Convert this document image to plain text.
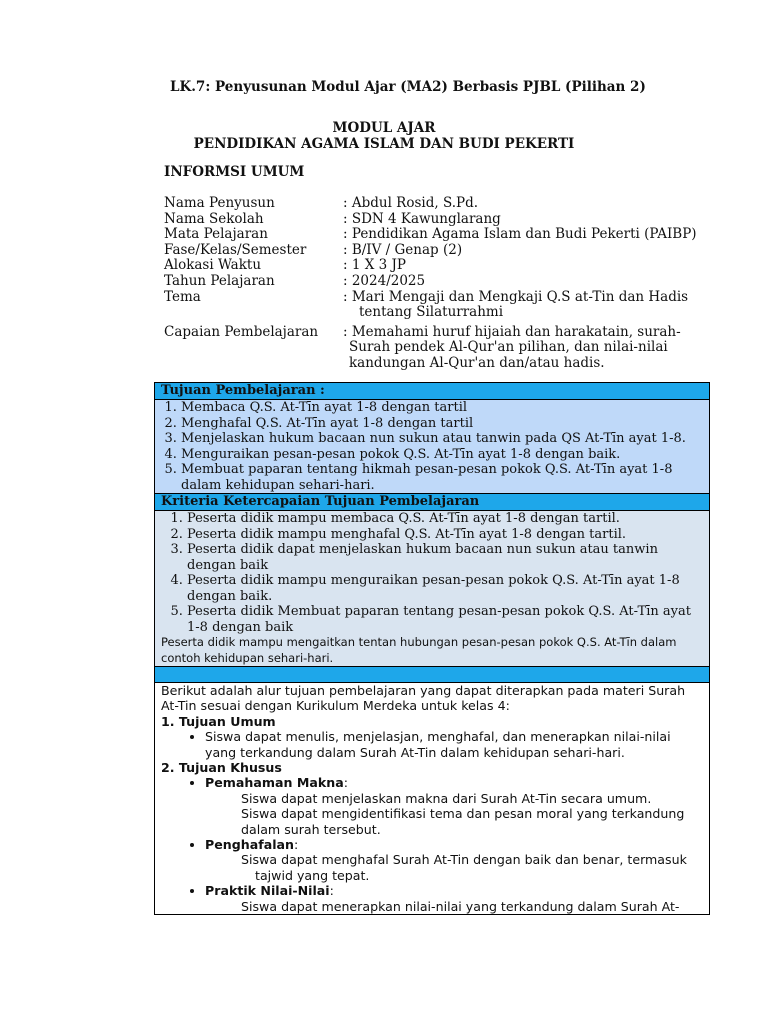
LK.7: Penyusunan Modul Ajar (MA2) Berbasis PJBL (Pilihan 2)
MODUL AJAR
PENDIDIKAN AGAMA ISLAM DAN BUDI PEKERTI
INFORMSI UMUM
Nama Penyusun	: Abdul Rosid, S.Pd.
Nama Sekolah	: SDN 4 Kawunglarang
Mata Pelajaran	: Pendidikan Agama Islam dan Budi Pekerti (PAIBP)
Fase/Kelas/Semester	: B/IV / Genap (2)
Alokasi Waktu	: 1 X 3 JP
Tahun Pelajaran	: 2024/2025
Tema	: Mari Mengaji dan Mengkaji Q.S at-Tin dan Hadis
tentang Silaturrahmi
Capaian Pembelajaran	: Memahami huruf hijaiah dan harakatain, surah-
Surah pendek Al-Qur'an pilihan, dan nilai-nilai
kandungan Al-Qur'an dan/atau hadis.
Tujuan Pembelajaran :
1. Membaca Q.S. At-Tīn ayat 1-8 dengan tartil
2. Menghafal Q.S. At-Tīn ayat 1-8 dengan tartil
3. Menjelaskan hukum bacaan nun sukun atau tanwin pada QS At-Tīn ayat 1-8.
4. Menguraikan pesan-pesan pokok Q.S. At-Tīn ayat 1-8 dengan baik.
5. Membuat paparan tentang hikmah pesan-pesan pokok Q.S. At-Tīn ayat 1-8 dalam kehidupan sehari-hari.
Kriteria Ketercapaian Tujuan Pembelajaran
1. Peserta didik mampu membaca Q.S. At-Tīn ayat 1-8 dengan tartil.
2. Peserta didik mampu menghafal Q.S. At-Tīn ayat 1-8 dengan tartil.
3. Peserta didik dapat menjelaskan hukum bacaan nun sukun atau tanwin dengan baik
4. Peserta didik mampu menguraikan pesan-pesan pokok Q.S. At-Tīn ayat 1-8 dengan baik.
5. Peserta didik Membuat paparan tentang pesan-pesan pokok Q.S. At-Tīn ayat 1-8 dengan baik
Peserta didik mampu mengaitkan tentan hubungan pesan-pesan pokok Q.S. At-Tīn dalam contoh kehidupan sehari-hari.
Berikut adalah alur tujuan pembelajaran yang dapat diterapkan pada materi Surah At-Tin sesuai dengan Kurikulum Merdeka untuk kelas 4:
1. Tujuan Umum
• Siswa dapat menulis, menjelasjan, menghafal, dan menerapkan nilai-nilai yang terkandung dalam Surah At-Tin dalam kehidupan sehari-hari.
2. Tujuan Khusus
• Pemahaman Makna:
Siswa dapat menjelaskan makna dari Surah At-Tin secara umum.
Siswa dapat mengidentifikasi tema dan pesan moral yang terkandung dalam surah tersebut.
• Penghafalan:
Siswa dapat menghafal Surah At-Tin dengan baik dan benar, termasuk
tajwid yang tepat.
• Praktik Nilai-Nilai:
Siswa dapat menerapkan nilai-nilai yang terkandung dalam Surah At-
